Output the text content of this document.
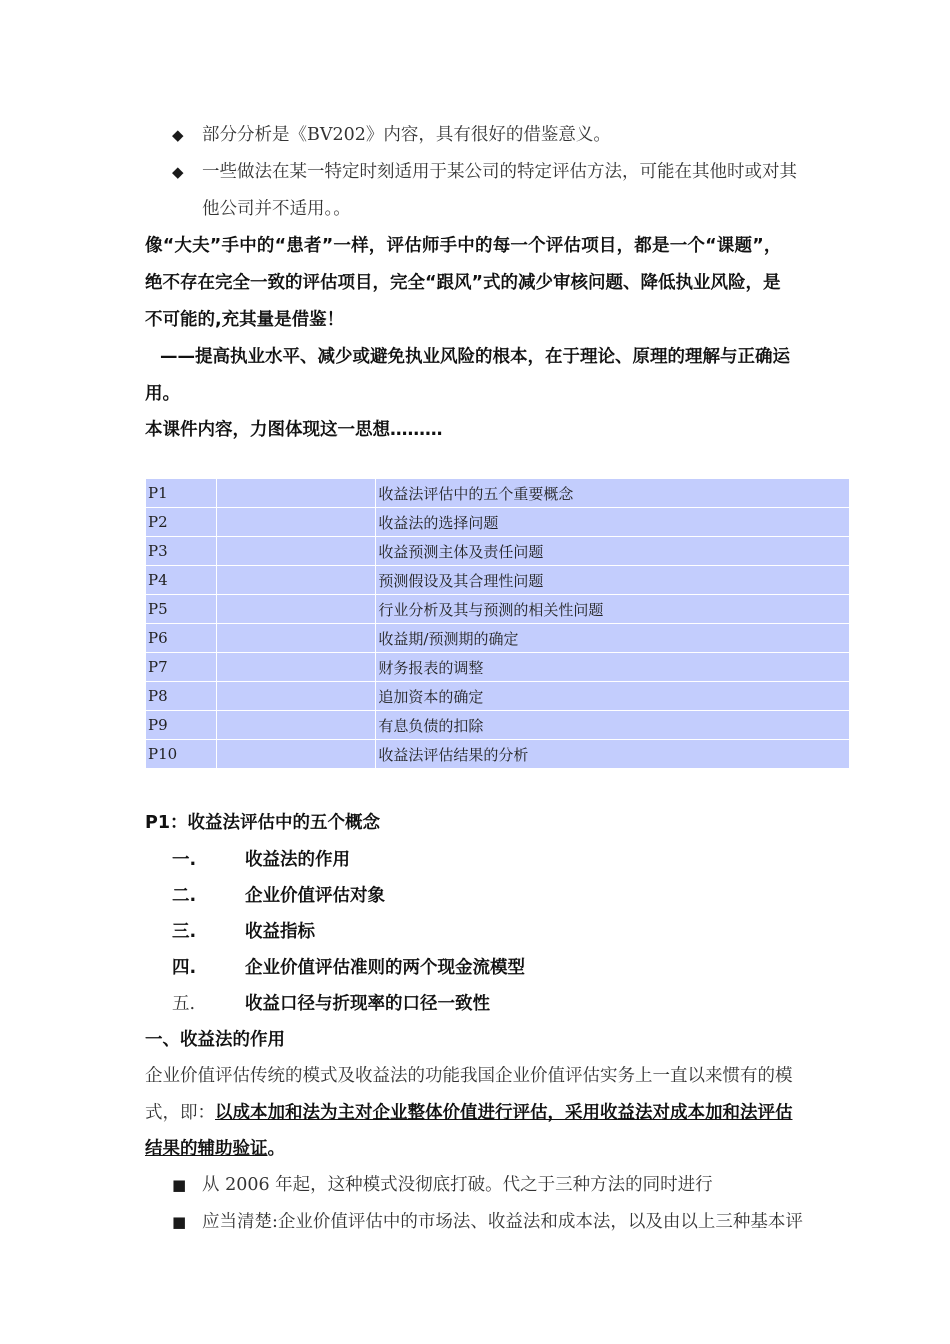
◆	部分分析是《BV202》内容，具有很好的借鉴意义。
◆	一些做法在某一特定时刻适用于某公司的特定评估方法，可能在其他时或对其
他公司并不适用。。
像“大夫”手中的“患者”一样，评估师手中的每一个评估项目，都是一个“课题”，
绝不存在完全一致的评估项目，完全“跟风”式的减少审核问题、降低执业风险，是
不可能的,充其量是借鉴！
——提高执业水平、减少或避免执业风险的根本，在于理论、原理的理解与正确运
用。
本课件内容，力图体现这一思想………
P1		收益法评估中的五个重要概念
P2		收益法的选择问题
P3		收益预测主体及责任问题
P4		预测假设及其合理性问题
P5		行业分析及其与预测的相关性问题
P6		收益期/预测期的确定
P7		财务报表的调整
P8		追加资本的确定
P9		有息负债的扣除
P10		收益法评估结果的分析
P1：收益法评估中的五个概念
一.	收益法的作用
二.	企业价值评估对象
三.	收益指标
四.	企业价值评估准则的两个现金流模型
五.	收益口径与折现率的口径一致性
一、收益法的作用
企业价值评估传统的模式及收益法的功能我国企业价值评估实务上一直以来惯有的模
式，即：以成本加和法为主对企业整体价值进行评估，采用收益法对成本加和法评估
结果的辅助验证。
■ 从 2006 年起，这种模式没彻底打破。代之于三种方法的同时进行
■ 应当清楚:企业价值评估中的市场法、收益法和成本法，以及由以上三种基本评
